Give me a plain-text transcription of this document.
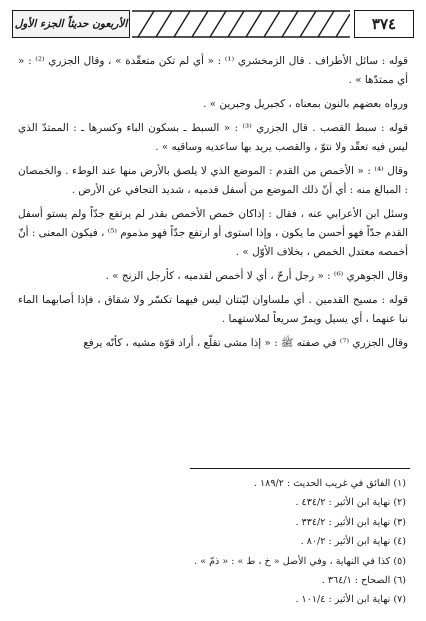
الأربعون حديثاً الجزء الأول	٣٧٤

قوله : سائل الأطراف . قال الزمخشري ⁽¹⁾ : « أي لم تكن متعقّدة » ، وقال الجزري ⁽²⁾ : « أي ممتدّها » .

ورواه بعضهم بالنون بمعناه ، كجبريل وجبرين » .

قوله : سبط القصب . قال الجزري ⁽³⁾ : « السبط ـ بسكون الباء وكسرها ـ : الممتدّ الذي ليس فيه تعقّد ولا نتوّ ، والقصب يريد بها ساعديه وساقيه » .

وقال ⁽⁴⁾ : « الأخمص من القدم : الموضع الذي لا يلصق بالأرض منها عند الوطء . والخمصان : المبالغ منه : أي أنّ ذلك الموضع من أسفل قدميه ، شديد التجافي عن الأرض .

وسئل ابن الأعرابي عنه ، فقال : إذاكان خمص الأخمص بقدر لم يرتفع جدّاً ولم يستو أسفل القدم جدّاً فهو أحسن ما يكون ، وإذا استوى أو ارتفع جدّاً فهو مذموم ⁽⁵⁾ ، فيكون المعنى : أنّ أخمصه معتدل الخمص ، بخلاف الأوّل » .

وقال الجوهري ⁽⁶⁾ : « رجل أرحّ ، أي لا أخمص لقدميه ، كأرجل الزنج » .

قوله : مسيح القدمين . أي ملساوان ليّنتان ليس فيهما تكسّر ولا شقاق ، فإذا أصابهما الماء نبا عنهما ، أي يسيل ويمرّ سريعاً لملاستهما .

وقال الجزري ⁽⁷⁾ في صفته ﷺ : « إذا مشى تقلّع ، أراد قوّة مشيه ، كأنّه يرفع

(١) الفائق في غريب الحديث : ١٨٩/٢ .

(٢) نهاية ابن الأثير : ٤٣٤/٢ .

(٣) نهاية ابن الأثير : ٣٣٤/٢ .

(٤) نهاية ابن الأثير : ٨٠/٢ .

(٥) كذا في النهاية ، وفي الأصل « خ ، ط » : « ذمّ » .

(٦) الصحاح : ٣٦٤/١ .

(٧) نهاية ابن الأثير : ١٠١/٤ .
